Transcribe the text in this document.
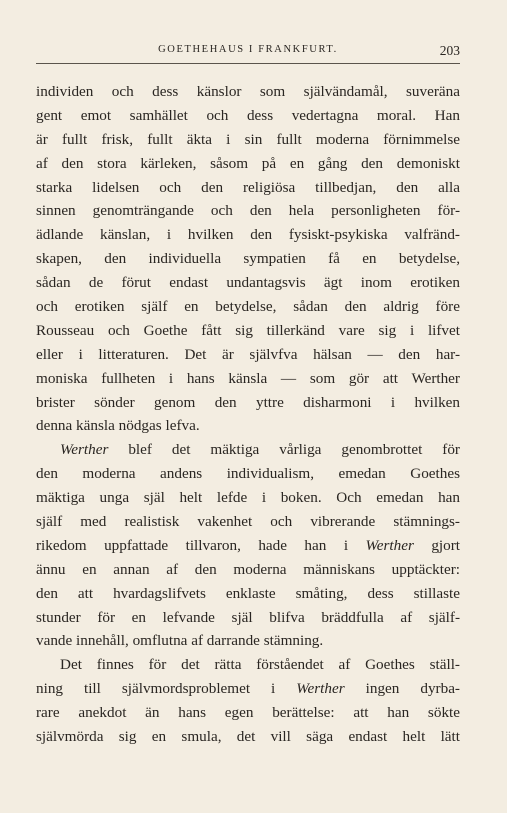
GOETHEHAUS I FRANKFURT.	203
individen och dess känslor som självändamål, suveräna
gent emot samhället och dess vedertagna moral. Han
är fullt frisk, fullt äkta i sin fullt moderna förnimmelse
af den stora kärleken, såsom på en gång den demoniskt
starka lidelsen och den religiösa tillbedjan, den alla
sinnen genomträngande och den hela personligheten för-
ädlande känslan, i hvilken den fysiskt-psykiska valfränd-
skapen, den individuella sympatien få en betydelse,
sådan de förut endast undantagsvis ägt inom erotiken
och erotiken själf en betydelse, sådan den aldrig före
Rousseau och Goethe fått sig tillerkänd vare sig i lifvet
eller i litteraturen. Det är självfva hälsan — den har-
moniska fullheten i hans känsla — som gör att Werther
brister sönder genom den yttre disharmoni i hvilken
denna känsla nödgas lefva.
Werther blef det mäktiga vårliga genombrottet för
den moderna andens individualism, emedan Goethes
mäktiga unga själ helt lefde i boken. Och emedan han
själf med realistisk vakenhet och vibrerande stämnings-
rikedom uppfattade tillvaron, hade han i Werther gjort
ännu en annan af den moderna människans upptäckter:
den att hvardagslifvets enklaste småting, dess stillaste
stunder för en lefvande själ blifva bräddfulla af själf-
vande innehåll, omflutna af darrande stämning.
Det finnes för det rätta förståendet af Goethes ställ-
ning till självmordsproblemet i Werther ingen dyrba-
rare anekdot än hans egen berättelse: att han sökte
självmörda sig en smula, det vill säga endast helt lätt
